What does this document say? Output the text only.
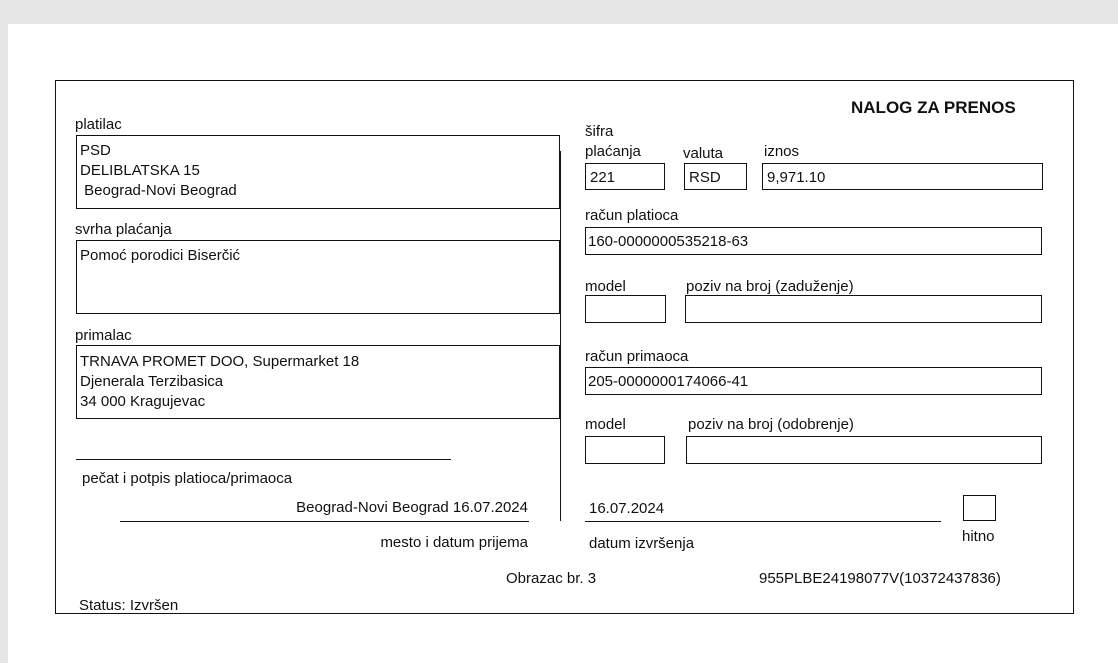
NALOG ZA PRENOS
platilac
PSD
DELIBLATSKA 15
Beograd-Novi Beograd
svrha plaćanja
Pomoć porodici Biserčić
primalac
TRNAVA PROMET DOO, Supermarket 18
Djenerala Terzibasica
34 000 Kragujevac
pečat i potpis platioca/primaoca
Beograd-Novi Beograd 16.07.2024
mesto i datum prijema
šifra
plaćanja
221
valuta
RSD
iznos
9,971.10
račun platioca
160-0000000535218-63
model	poziv na broj (zaduženje)
račun primaoca
205-0000000174066-41
model	poziv na broj (odobrenje)
16.07.2024
datum izvršenja	hitno
Obrazac br. 3	955PLBE24198077V(10372437836)
Status: Izvršen
